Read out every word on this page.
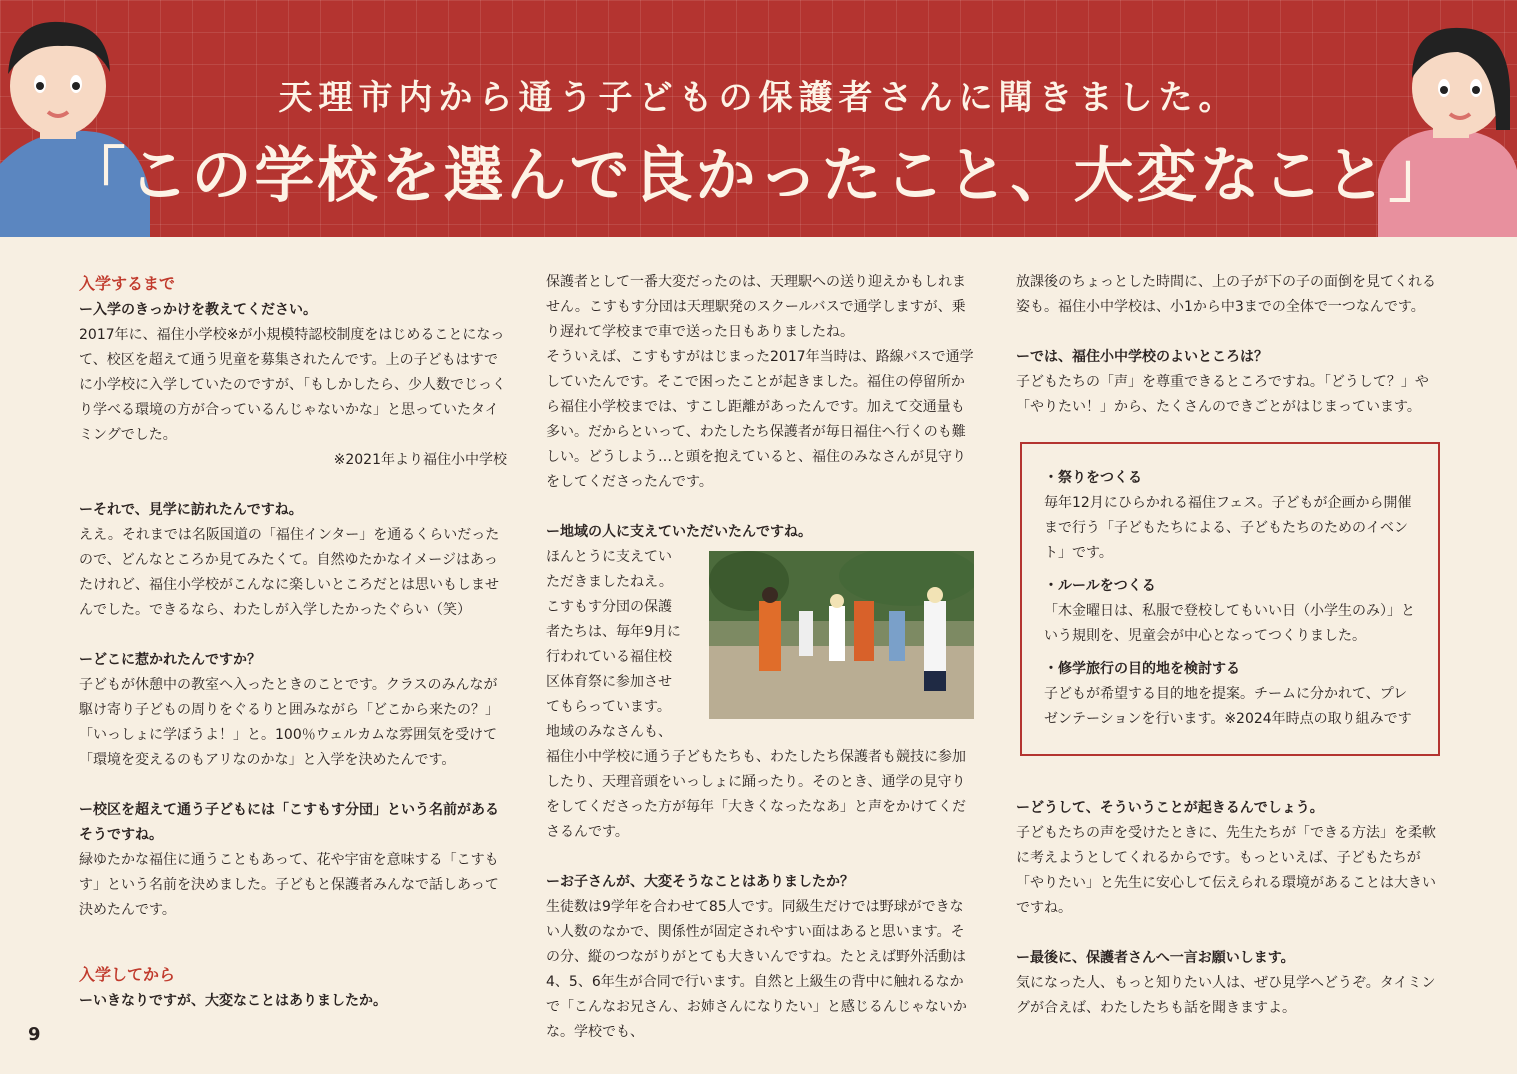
天理市内から通う子どもの保護者さんに聞きました。
「この学校を選んで良かったこと、大変なこと」

入学するまで

ー入学のきっかけを教えてください。

2017年に、福住小学校※が小規模特認校制度をはじめることになって、校区を超えて通う児童を募集されたんです。上の子どもはすでに小学校に入学していたのですが、「もしかしたら、少人数でじっくり学べる環境の方が合っているんじゃないかな」と思っていたタイミングでした。

※2021年より福住小中学校

ーそれで、見学に訪れたんですね。

ええ。それまでは名阪国道の「福住インター」を通るくらいだったので、どんなところか見てみたくて。自然ゆたかなイメージはあったけれど、福住小学校がこんなに楽しいところだとは思いもしませんでした。できるなら、わたしが入学したかったぐらい（笑）

ーどこに惹かれたんですか？

子どもが休憩中の教室へ入ったときのことです。クラスのみんなが駆け寄り子どもの周りをぐるりと囲みながら「どこから来たの？」「いっしょに学ぼうよ！」と。100％ウェルカムな雰囲気を受けて「環境を変えるのもアリなのかな」と入学を決めたんです。

ー校区を超えて通う子どもには「こすもす分団」という名前があるそうですね。

緑ゆたかな福住に通うこともあって、花や宇宙を意味する「こすもす」という名前を決めました。子どもと保護者みんなで話しあって決めたんです。

入学してから

ーいきなりですが、大変なことはありましたか。

保護者として一番大変だったのは、天理駅への送り迎えかもしれません。こすもす分団は天理駅発のスクールバスで通学しますが、乗り遅れて学校まで車で送った日もありましたね。

そういえば、こすもすがはじまった2017年当時は、路線バスで通学していたんです。そこで困ったことが起きました。福住の停留所から福住小学校までは、すこし距離があったんです。加えて交通量も多い。だからといって、わたしたち保護者が毎日福住へ行くのも難しい。どうしよう…と頭を抱えていると、福住のみなさんが見守りをしてくださったんです。

ー地域の人に支えていただいたんですね。

ほんとうに支えていただきましたねえ。こすもす分団の保護者たちは、毎年9月に行われている福住校区体育祭に参加させてもらっています。地域のみなさんも、福住小中学校に通う子どもたちも、わたしたち保護者も競技に参加したり、天理音頭をいっしょに踊ったり。そのとき、通学の見守りをしてくださった方が毎年「大きくなったなあ」と声をかけてくださるんです。

ーお子さんが、大変そうなことはありましたか？

生徒数は9学年を合わせて85人です。同級生だけでは野球ができない人数のなかで、関係性が固定されやすい面はあると思います。その分、縦のつながりがとても大きいんですね。たとえば野外活動は4、5、6年生が合同で行います。自然と上級生の背中に触れるなかで「こんなお兄さん、お姉さんになりたい」と感じるんじゃないかな。学校でも、

放課後のちょっとした時間に、上の子が下の子の面倒を見てくれる姿も。福住小中学校は、小1から中3までの全体で一つなんです。

ーでは、福住小中学校のよいところは？

子どもたちの「声」を尊重できるところですね。「どうして？」や「やりたい！」から、たくさんのできごとがはじまっています。

・祭りをつくる

毎年12月にひらかれる福住フェス。子どもが企画から開催まで行う「子どもたちによる、子どもたちのためのイベント」です。

・ルールをつくる

「木金曜日は、私服で登校してもいい日（小学生のみ）」という規則を、児童会が中心となってつくりました。

・修学旅行の目的地を検討する

子どもが希望する目的地を提案。チームに分かれて、プレゼンテーションを行います。※2024年時点の取り組みです

ーどうして、そういうことが起きるんでしょう。

子どもたちの声を受けたときに、先生たちが「できる方法」を柔軟に考えようとしてくれるからです。もっといえば、子どもたちが「やりたい」と先生に安心して伝えられる環境があることは大きいですね。

ー最後に、保護者さんへ一言お願いします。

気になった人、もっと知りたい人は、ぜひ見学へどうぞ。タイミングが合えば、わたしたちも話を聞きますよ。

9
